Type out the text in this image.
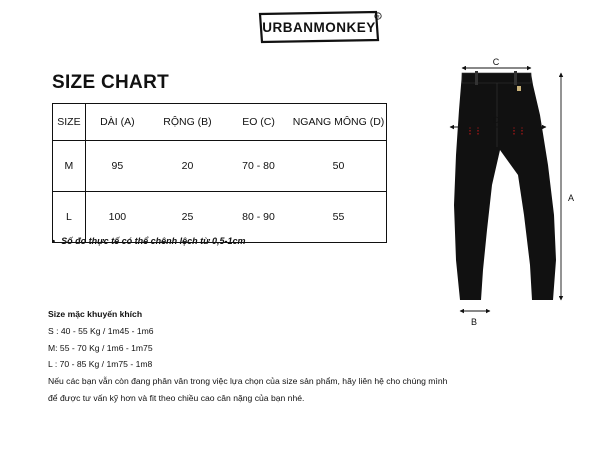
URBANMONKEY
R
SIZE CHART
SIZE	DÀI (A)	RỘNG (B)	EO (C)	NGANG MÔNG (D)
M	95	20	70 - 80	50
L	100	25	80 - 90	55
• Số đo thực tế có thể chênh lệch từ 0,5-1cm
Size mặc khuyến khích
S : 40 - 55 Kg / 1m45 - 1m6
M: 55 - 70 Kg / 1m6 - 1m75
L : 70 - 85 Kg / 1m75 - 1m8
Nếu các bạn vẫn còn đang phân vân trong việc lựa chọn của size sản phẩm, hãy liên hệ cho chúng mình
để được tư vấn kỹ hơn và fit theo chiều cao cân nặng của bạn nhé.
C
D
A
B
